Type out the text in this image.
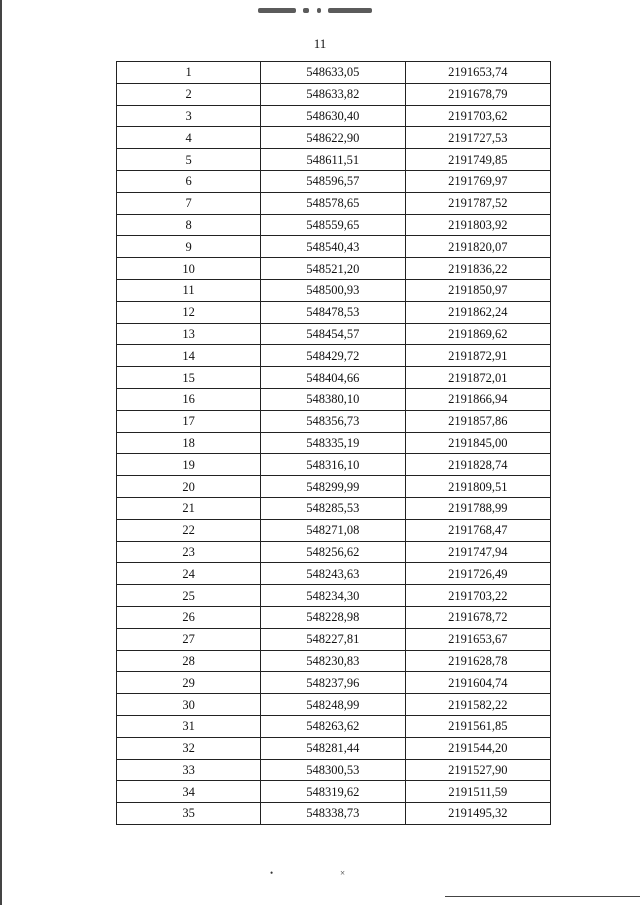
11
1	548633,05	2191653,74
2	548633,82	2191678,79
3	548630,40	2191703,62
4	548622,90	2191727,53
5	548611,51	2191749,85
6	548596,57	2191769,97
7	548578,65	2191787,52
8	548559,65	2191803,92
9	548540,43	2191820,07
10	548521,20	2191836,22
11	548500,93	2191850,97
12	548478,53	2191862,24
13	548454,57	2191869,62
14	548429,72	2191872,91
15	548404,66	2191872,01
16	548380,10	2191866,94
17	548356,73	2191857,86
18	548335,19	2191845,00
19	548316,10	2191828,74
20	548299,99	2191809,51
21	548285,53	2191788,99
22	548271,08	2191768,47
23	548256,62	2191747,94
24	548243,63	2191726,49
25	548234,30	2191703,22
26	548228,98	2191678,72
27	548227,81	2191653,67
28	548230,83	2191628,78
29	548237,96	2191604,74
30	548248,99	2191582,22
31	548263,62	2191561,85
32	548281,44	2191544,20
33	548300,53	2191527,90
34	548319,62	2191511,59
35	548338,73	2191495,32
•	×
